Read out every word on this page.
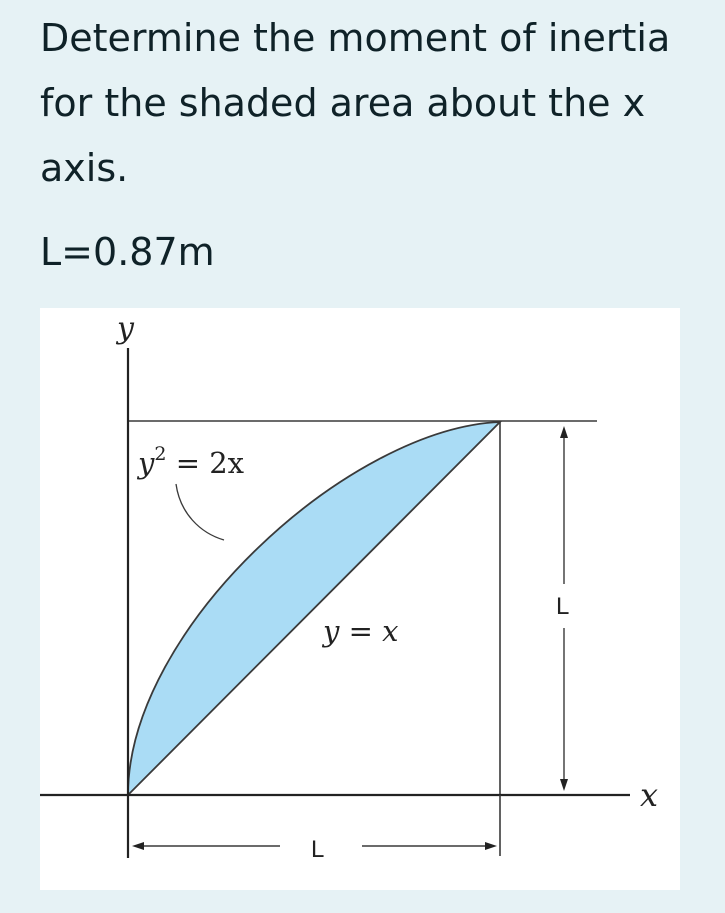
Determine the moment of inertia for the shaded area about the x axis.

L=0.87m

y
x
$y^2 = 2x$
y = x
L
L
